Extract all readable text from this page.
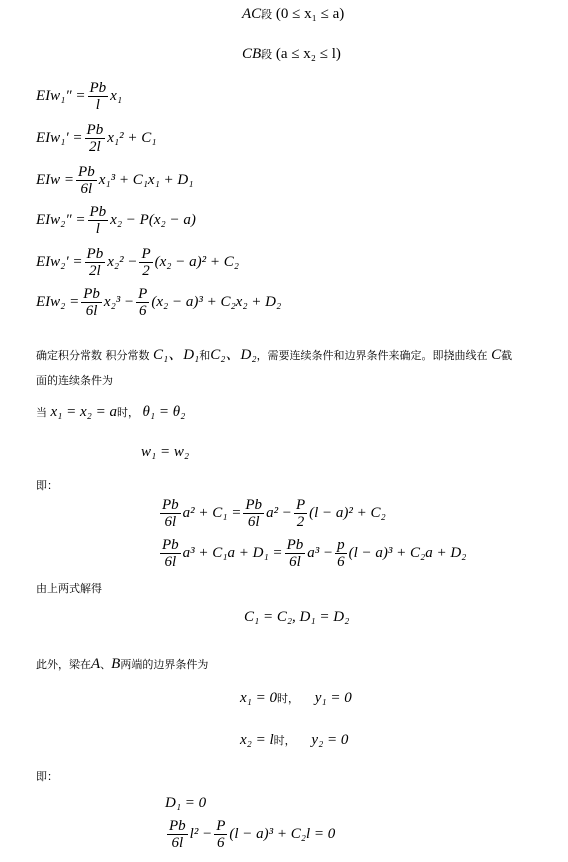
AC段 (0 ≤ x₁ ≤ a)
CB段 (a ≤ x₂ ≤ l)
$EIw_1'' = \frac{Pb}{l} x_1$
$EIw_1' = \frac{Pb}{2l} x_1^2 + C_1$
EIw = $\frac{Pb}{6l} x_1^3 + C_1x_1 + D_1$
$EIw_2'' = \frac{Pb}{l} x_2 - P(x_2 - a)$
$EIw_2' = \frac{Pb}{2l} x_2^2 - \frac{P}{2} (x_2 - a)^2 + C_2$
$EIw_2 = \frac{Pb}{6l} x_2^3 - \frac{P}{6} (x_2 - a)^3 + C_2x_2 + D_2$
确定积分常数 积分常数 C₁、D₁和C₂、D₂，需要连续条件和边界条件来确定。即挠曲线在 C截
面的连续条件为
当 x₁ = x₂ = a时， θ₁ = θ₂
w₁ = w₂
即：
$\frac{Pb}{6l} a^2 + C_1 = \frac{Pb}{6l} a^2 - \frac{P}{2} (l - a)^2 + C_2$
$\frac{Pb}{6l} a^3 + C_1a + D_1 = \frac{Pb}{6l} a^3 - \frac{p}{6} (l - a)^3 + C_2a + D_2$
由上两式解得
C₁ = C₂, D₁ = D₂
此外，梁在A、B两端的边界条件为
x₁ = 0时， y₁ = 0
x₂ = l时， y₂ = 0
即：
D₁ = 0
$\frac{Pb}{6l} l^2 - \frac{P}{6} (l - a)^3 + C_2l = 0$
